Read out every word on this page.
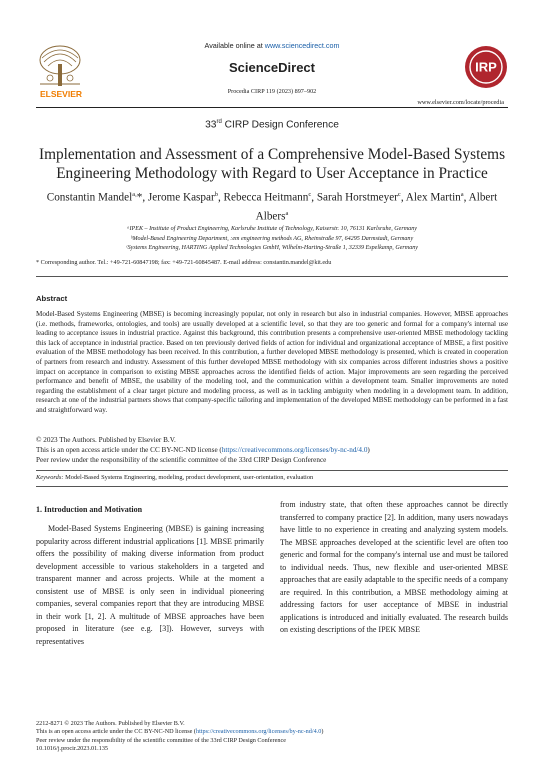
ELSEVIER
Available online at www.sciencedirect.com
ScienceDirect
Procedia CIRP 119 (2023) 897–902
www.elsevier.com/locate/procedia
IRP
33rd CIRP Design Conference
Implementation and Assessment of a Comprehensive Model-Based Systems Engineering Methodology with Regard to User Acceptance in Practice
Constantin Mandel$^{a,}$*, Jerome Kaspar$^b$, Rebecca Heitmann$^c$, Sarah Horstmeyer$^c$, Alex Martin$^a$, Albert Albers$^a$
ᵃIPEK – Institute of Product Engineering, Karlsruhe Institute of Technology, Kaiserstr. 10, 76131 Karlsruhe, Germany
ᵇModel-Based Engineering Department, :em engineering methods AG, Rheinstraße 97, 64295 Darmstadt, Germany
ᶜSystems Engineering, HARTING Applied Technologies GmbH, Wilhelm-Harting-Straße 1, 32339 Espelkamp, Germany
* Corresponding author. Tel.: +49-721-60847198; fax: +49-721-60845487. E-mail address: constantin.mandel@kit.edu
Abstract
Model-Based Systems Engineering (MBSE) is becoming increasingly popular, not only in research but also in industrial companies. However, MBSE approaches (i.e. methods, frameworks, ontologies, and tools) are usually developed at a scientific level, so that they are too generic and formal for a company's internal use leading to acceptance issues in industrial practice. Against this background, this contribution presents a comprehensive user-oriented MBSE methodology tackling this lack of acceptance in industrial practice. Based on ten previously derived fields of action for individual and organizational acceptance of MBSE, a first positive evaluation of the MBSE methodology has been received. In this contribution, a further developed MBSE methodology is presented, which is created in cooperation of partners from research and industry. Assessment of this further developed MBSE methodology with six companies across different industries shows a positive impact on acceptance in comparison to existing MBSE approaches across the identified fields of action. Major improvements are seen regarding the perceived performance and benefit of MBSE, the usability of the modeling tool, and the communication within a development team. Smaller improvements are noted regarding the establishment of a clear target picture and modeling process, as well as in tackling ambiguity when modeling in a development team. In addition, research at one of the industrial partners shows that company-specific tailoring and implementation of the developed MBSE methodology can be performed in a fast and straightforward way.
© 2023 The Authors. Published by Elsevier B.V.
This is an open access article under the CC BY-NC-ND license (https://creativecommons.org/licenses/by-nc-nd/4.0)
Peer review under the responsibility of the scientific committee of the 33rd CIRP Design Conference
Keywords: Model-Based Systems Engineering, modeling, product development, user-orientation, evaluation
1. Introduction and Motivation

Model-Based Systems Engineering (MBSE) is gaining increasing popularity across different industrial applications [1]. MBSE primarily offers the possibility of making diverse information from product development accessible to various stakeholders in a targeted and transparent manner and across projects. While at the moment a consistent use of MBSE is only seen in individual pioneering companies, several companies report that they are introducing MBSE in their work [1, 2]. A multitude of MBSE approaches have been proposed in literature (see e.g. [3]). However, surveys with representatives

from industry state, that often these approaches cannot be directly transferred to company practice [2]. In addition, many users nowadays have little to no experience in creating and analyzing system models. The MBSE approaches developed at the scientific level are often too generic and formal for the company's internal use and must be tailored to individual needs. Thus, new flexible and user-oriented MBSE approaches that are easily adaptable to the specific needs of a company are required. In this contribution, a MBSE methodology aiming at addressing factors for user acceptance of MBSE in industrial applications is introduced and initially evaluated. The research builds on existing descriptions of the IPEK MBSE

2212-8271 © 2023 The Authors. Published by Elsevier B.V.
This is an open access article under the CC BY-NC-ND license (https://creativecommons.org/licenses/by-nc-nd/4.0)
Peer review under the responsibility of the scientific committee of the 33rd CIRP Design Conference
10.1016/j.procir.2023.01.135
